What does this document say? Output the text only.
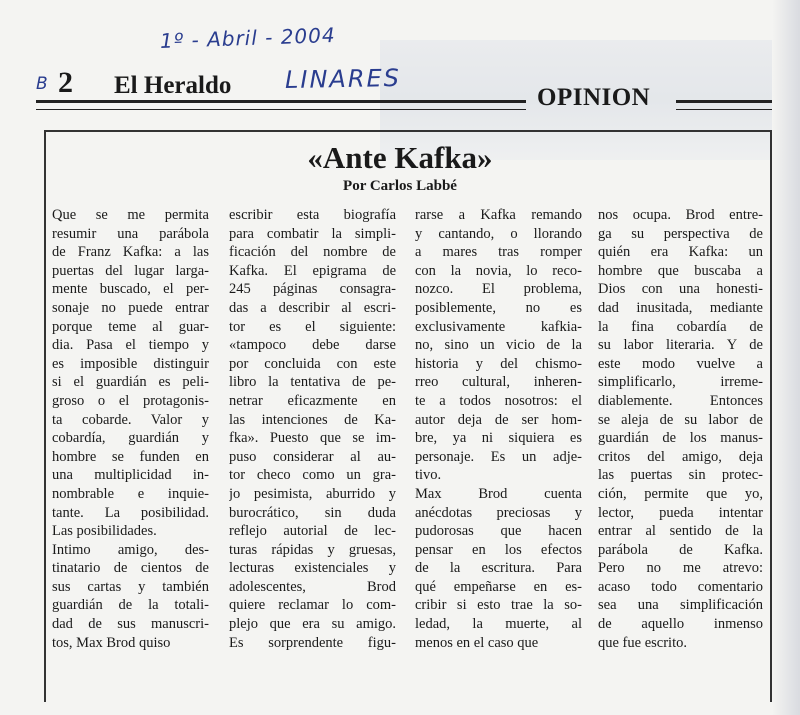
1º - Abril - 2004
B	LINARES
2 El Heraldo	OPINION
«Ante Kafka»
Por Carlos Labbé
Que se me permita
resumir una parábola
de Franz Kafka: a las
puertas del lugar larga-
mente buscado, el per-
sonaje no puede entrar
porque teme al guar-
dia. Pasa el tiempo y
es imposible distinguir
si el guardián es peli-
groso o el protagonis-
ta cobarde. Valor y
cobardía, guardián y
hombre se funden en
una multiplicidad in-
nombrable e inquie-
tante. La posibilidad.
Las posibilidades.
Intimo amigo, des-
tinatario de cientos de
sus cartas y también
guardián de la totali-
dad de sus manuscri-
tos, Max Brod quiso
escribir esta biografía
para combatir la simpli-
ficación del nombre de
Kafka. El epigrama de
245 páginas consagra-
das a describir al escri-
tor es el siguiente:
«tampoco debe darse
por concluida con este
libro la tentativa de pe-
netrar eficazmente en
las intenciones de Ka-
fka». Puesto que se im-
puso considerar al au-
tor checo como un gra-
jo pesimista, aburrido y
burocrático, sin duda
reflejo autorial de lec-
turas rápidas y gruesas,
lecturas existenciales y
adolescentes, Brod
quiere reclamar lo com-
plejo que era su amigo.
Es sorprendente figu-
rarse a Kafka remando
y cantando, o llorando
a mares tras romper
con la novia, lo reco-
nozco. El problema,
posiblemente, no es
exclusivamente kafkia-
no, sino un vicio de la
historia y del chismo-
rreo cultural, inheren-
te a todos nosotros: el
autor deja de ser hom-
bre, ya ni siquiera es
personaje. Es un adje-
tivo.
Max Brod cuenta
anécdotas preciosas y
pudorosas que hacen
pensar en los efectos
de la escritura. Para
qué empeñarse en es-
cribir si esto trae la so-
ledad, la muerte, al
menos en el caso que
nos ocupa. Brod entre-
ga su perspectiva de
quién era Kafka: un
hombre que buscaba a
Dios con una honesti-
dad inusitada, mediante
la fina cobardía de
su labor literaria. Y de
este modo vuelve a
simplificarlo, irreme-
diablemente. Entonces
se aleja de su labor de
guardián de los manus-
critos del amigo, deja
las puertas sin protec-
ción, permite que yo,
lector, pueda intentar
entrar al sentido de la
parábola de Kafka.
Pero no me atrevo:
acaso todo comentario
sea una simplificación
de aquello inmenso
que fue escrito.
